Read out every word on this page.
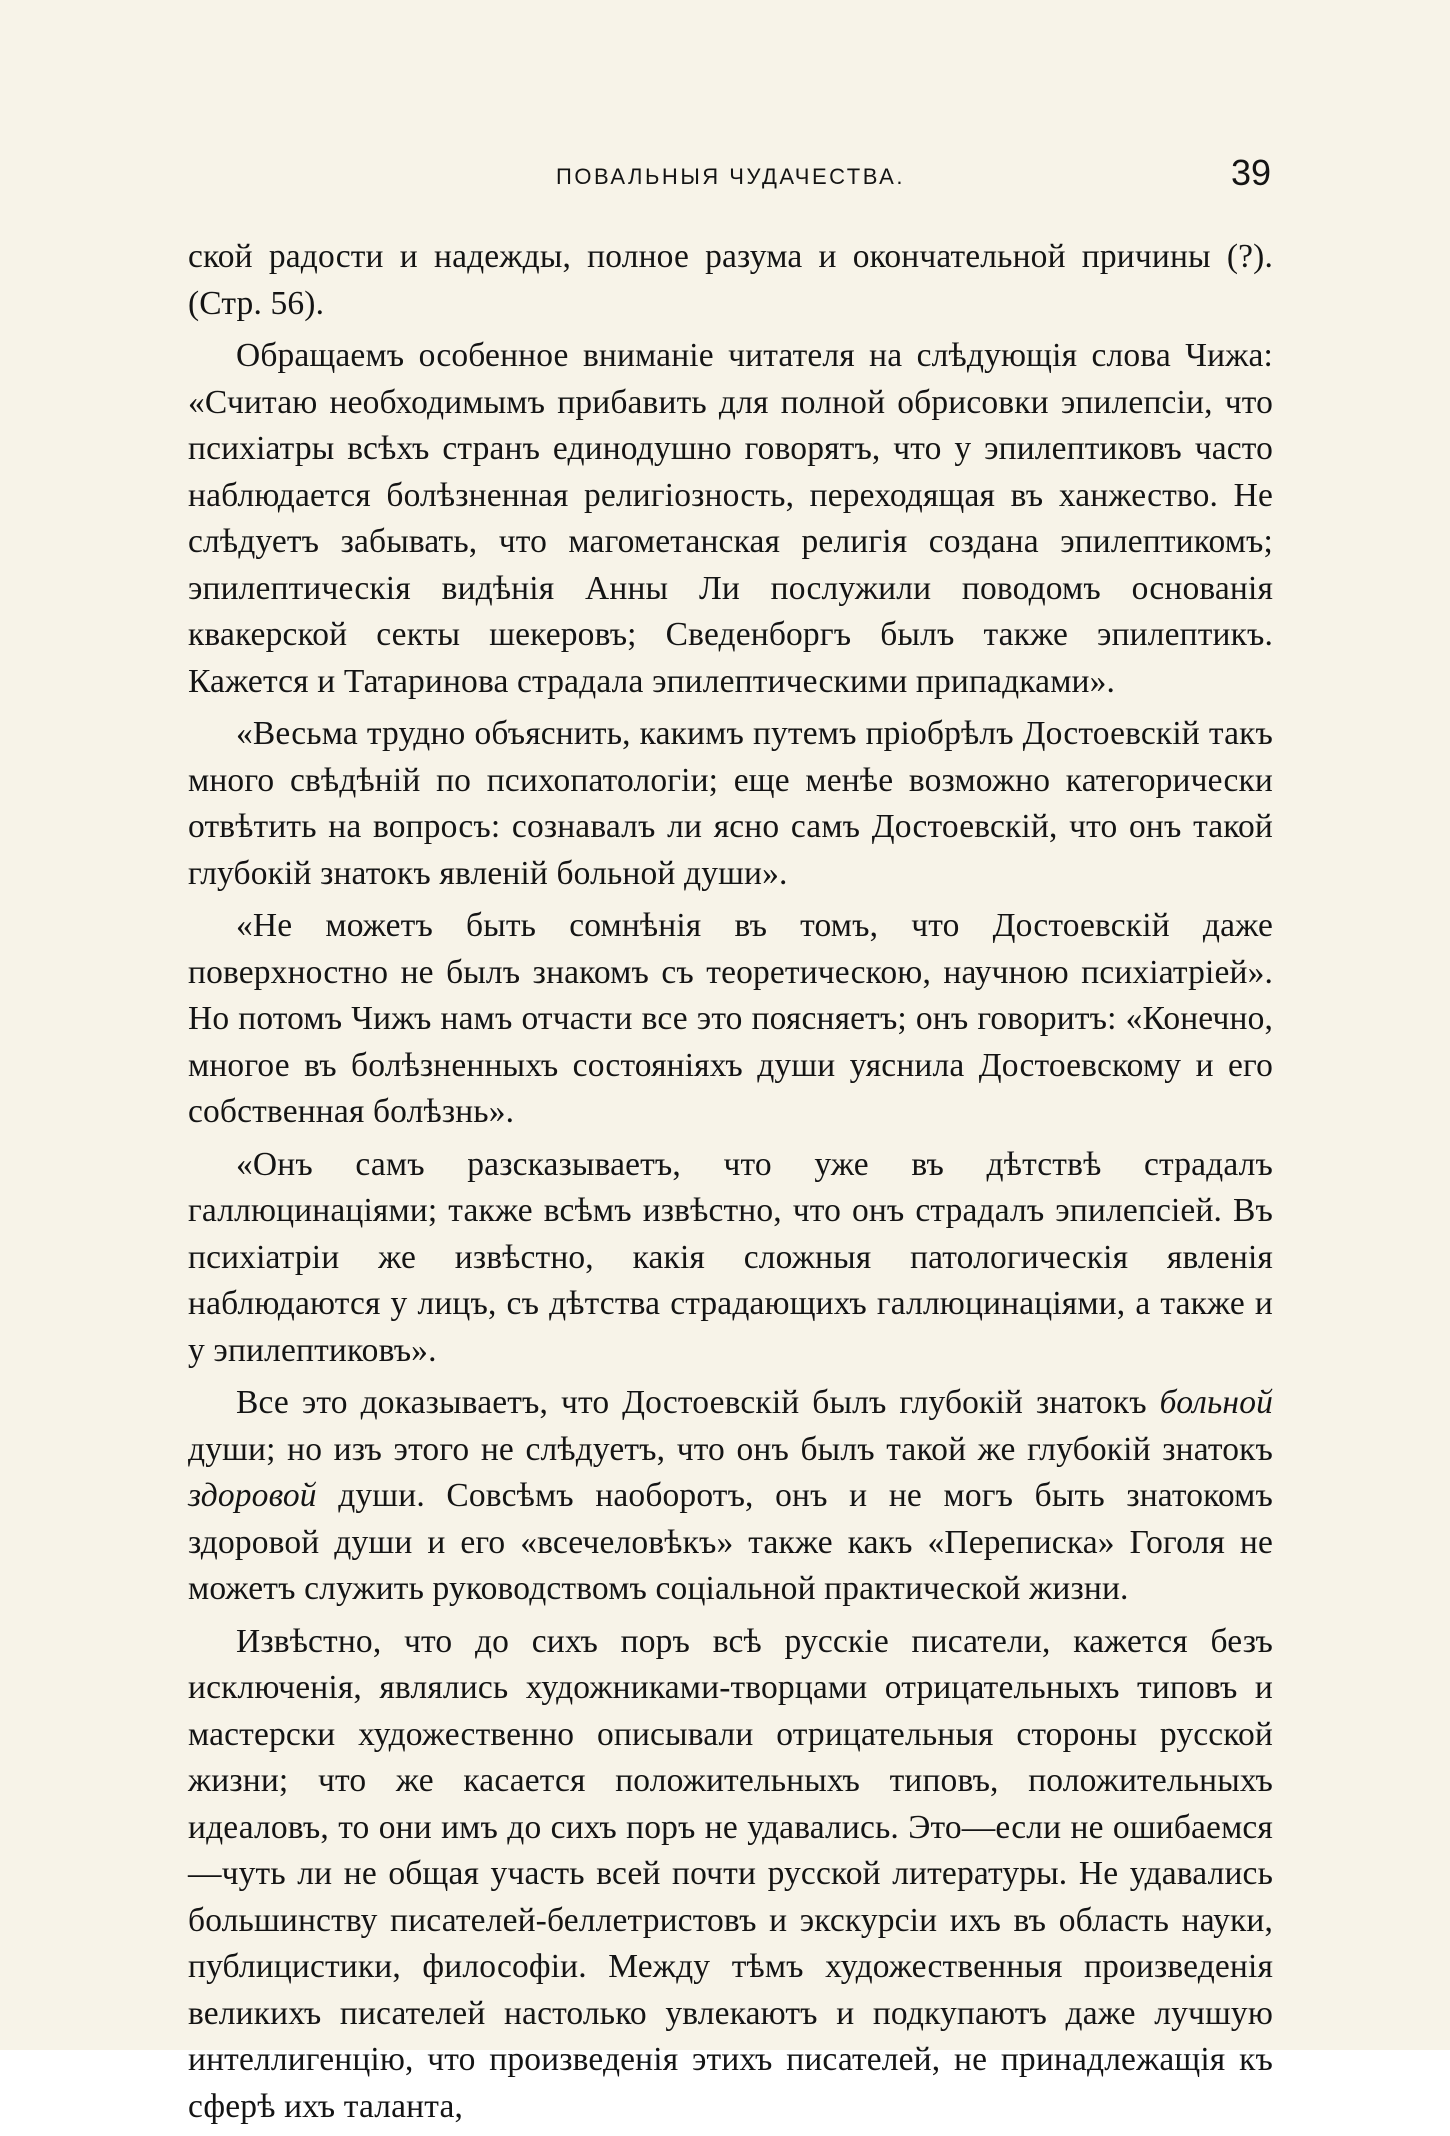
ПОВАЛЬНЫЯ ЧУДАЧЕСТВА.	39

ской радости и надежды, полное разума и окончательной причины (?). (Стр. 56).

Обращаемъ особенное вниманіе читателя на слѣдующія слова Чижа: «Считаю необходимымъ прибавить для полной обрисовки эпилепсіи, что психіатры всѣхъ странъ единодушно говорятъ, что у эпилептиковъ часто наблюдается болѣзненная религіозность, переходящая въ ханжество. Не слѣдуетъ забывать, что магометанская религія создана эпилептикомъ; эпилептическія видѣнія Анны Ли послужили поводомъ основанія квакерской секты шекеровъ; Сведенборгъ былъ также эпилептикъ. Кажется и Татаринова страдала эпилептическими припадками».

«Весьма трудно объяснить, какимъ путемъ пріобрѣлъ Достоевскій такъ много свѣдѣній по психопатологіи; еще менѣе возможно категорически отвѣтить на вопросъ: сознавалъ ли ясно самъ Достоевскій, что онъ такой глубокій знатокъ явленій больной души».

«Не можетъ быть сомнѣнія въ томъ, что Достоевскій даже поверхностно не былъ знакомъ съ теоретическою, научною психіатріей». Но потомъ Чижъ намъ отчасти все это поясняетъ; онъ говоритъ: «Конечно, многое въ болѣзненныхъ состояніяхъ души уяснила Достоевскому и его собственная болѣзнь».

«Онъ самъ разсказываетъ, что уже въ дѣтствѣ страдалъ галлюцинаціями; также всѣмъ извѣстно, что онъ страдалъ эпилепсіей. Въ психіатріи же извѣстно, какія сложныя патологическія явленія наблюдаются у лицъ, съ дѣтства страдающихъ галлюцинаціями, а также и у эпилептиковъ».

Все это доказываетъ, что Достоевскій былъ глубокій знатокъ больной души; но изъ этого не слѣдуетъ, что онъ былъ такой же глубокій знатокъ здоровой души. Совсѣмъ наоборотъ, онъ и не могъ быть знатокомъ здоровой души и его «всечеловѣкъ» также какъ «Переписка» Гоголя не можетъ служить руководствомъ соціальной практической жизни.

Извѣстно, что до сихъ поръ всѣ русскіе писатели, кажется безъ исключенія, являлись художниками-творцами отрицательныхъ типовъ и мастерски художественно описывали отрицательныя стороны русской жизни; что же касается положительныхъ типовъ, положительныхъ идеаловъ, то они имъ до сихъ поръ не удавались. Это—если не ошибаемся—чуть ли не общая участь всей почти русской литературы. Не удавались большинству писателей-беллетристовъ и экскурсіи ихъ въ область науки, публицистики, философіи. Между тѣмъ художественныя произведенія великихъ писателей настолько увлекаютъ и подкупаютъ даже лучшую интеллигенцію, что произведенія этихъ писателей, не принадлежащія къ сферѣ ихъ таланта,
